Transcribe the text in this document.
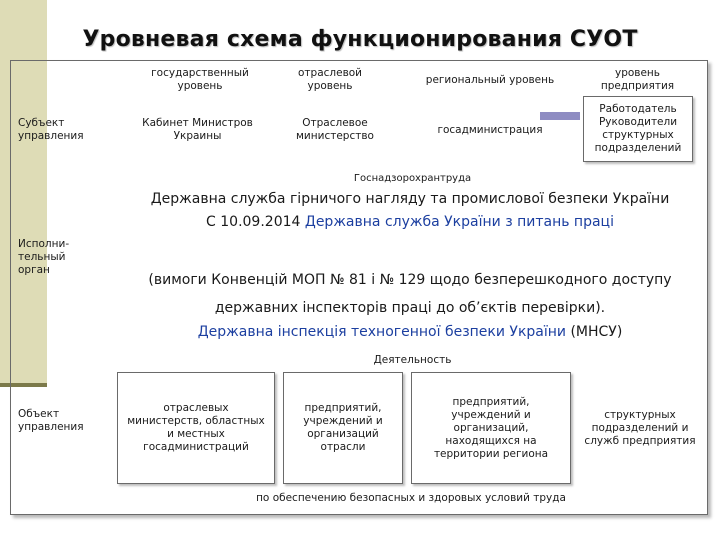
Уровневая схема функционирования СУОТ
государственный уровень
отраслевой уровень
региональный уровень
уровень предприятия
Субъект
управления
Кабинет Министров Украины
Отраслевое министерство
госадминистрация
Работодатель Руководители структурных подразделений
Исполни-
тельный
орган
Госнадзорохрантруда
Державна служба гірничого нагляду та промислової безпеки України
С 10.09.2014 Державна служба України з питань праці
(вимоги Конвенцій МОП № 81 і № 129 щодо безперешкодного доступу
державних інспекторів праці до об’єктів перевірки).
Державна інспекція техногенної безпеки України (МНСУ)
Деятельность
Объект
управления
отраслевых министерств, областных и местных госадминистраций
предприятий, учреждений и организаций отрасли
предприятий, учреждений и организаций, находящихся на территории региона
структурных подразделений и служб предприятия
по обеспечению безопасных и здоровых условий труда
